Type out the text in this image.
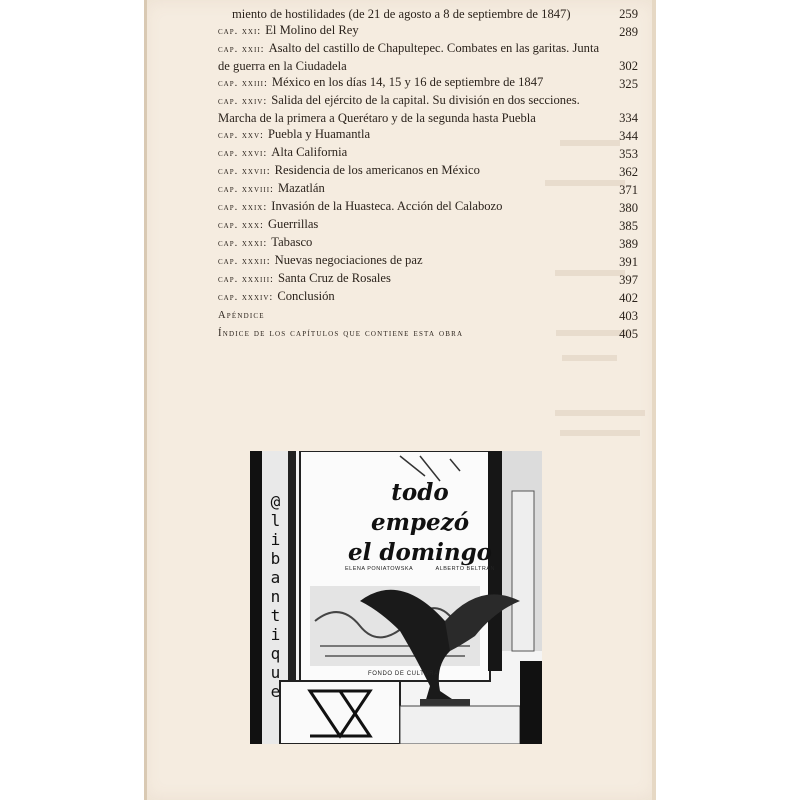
miento de hostilidades (de 21 de agosto a 8 de septiembre de 1847)	259
cap. xxi: El Molino del Rey	289
cap. xxii: Asalto del castillo de Chapultepec. Combates en las garitas. Junta de guerra en la Ciudadela	302
cap. xxiii: México en los días 14, 15 y 16 de septiembre de 1847	325
cap. xxiv: Salida del ejército de la capital. Su división en dos secciones. Marcha de la primera a Querétaro y de la segunda hasta Puebla	334
cap. xxv: Puebla y Huamantla	344
cap. xxvi: Alta California	353
cap. xxvii: Residencia de los americanos en México	362
cap. xxviii: Mazatlán	371
cap. xxix: Invasión de la Huasteca. Acción del Calabozo	380
cap. xxx: Guerrillas	385
cap. xxxi: Tabasco	389
cap. xxxii: Nuevas negociaciones de paz	391
cap. xxxiii: Santa Cruz de Rosales	397
cap. xxxiv: Conclusión	402
Apéndice	403
Índice de los capítulos que contiene esta obra	405
@libantique	todo empezó
el domingo
ELENA PONIATOWSKA	ALBERTO BELTRAN
FONDO DE CULTURA
